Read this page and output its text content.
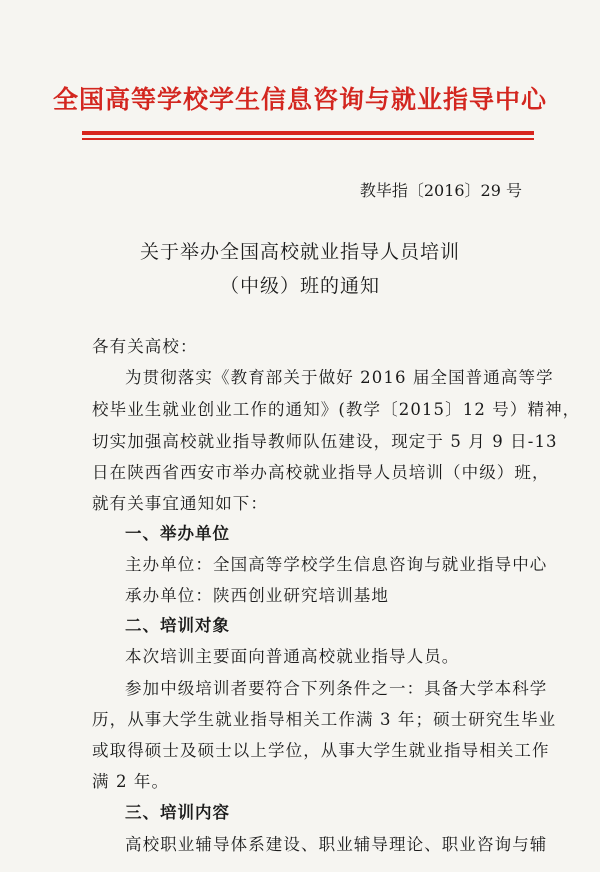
全国高等学校学生信息咨询与就业指导中心
教毕指〔2016〕29 号
关于举办全国高校就业指导人员培训
（中级）班的通知
各有关高校：
为贯彻落实《教育部关于做好 2016 届全国普通高等学
校毕业生就业创业工作的通知》(教学〔2015〕12 号）精神，
切实加强高校就业指导教师队伍建设，现定于 5 月 9 日-13
日在陕西省西安市举办高校就业指导人员培训（中级）班，
就有关事宜通知如下：
一、举办单位
主办单位：全国高等学校学生信息咨询与就业指导中心
承办单位：陕西创业研究培训基地
二、培训对象
本次培训主要面向普通高校就业指导人员。
参加中级培训者要符合下列条件之一：具备大学本科学
历，从事大学生就业指导相关工作满 3 年；硕士研究生毕业
或取得硕士及硕士以上学位，从事大学生就业指导相关工作
满 2 年。
三、培训内容
高校职业辅导体系建设、职业辅导理论、职业咨询与辅
